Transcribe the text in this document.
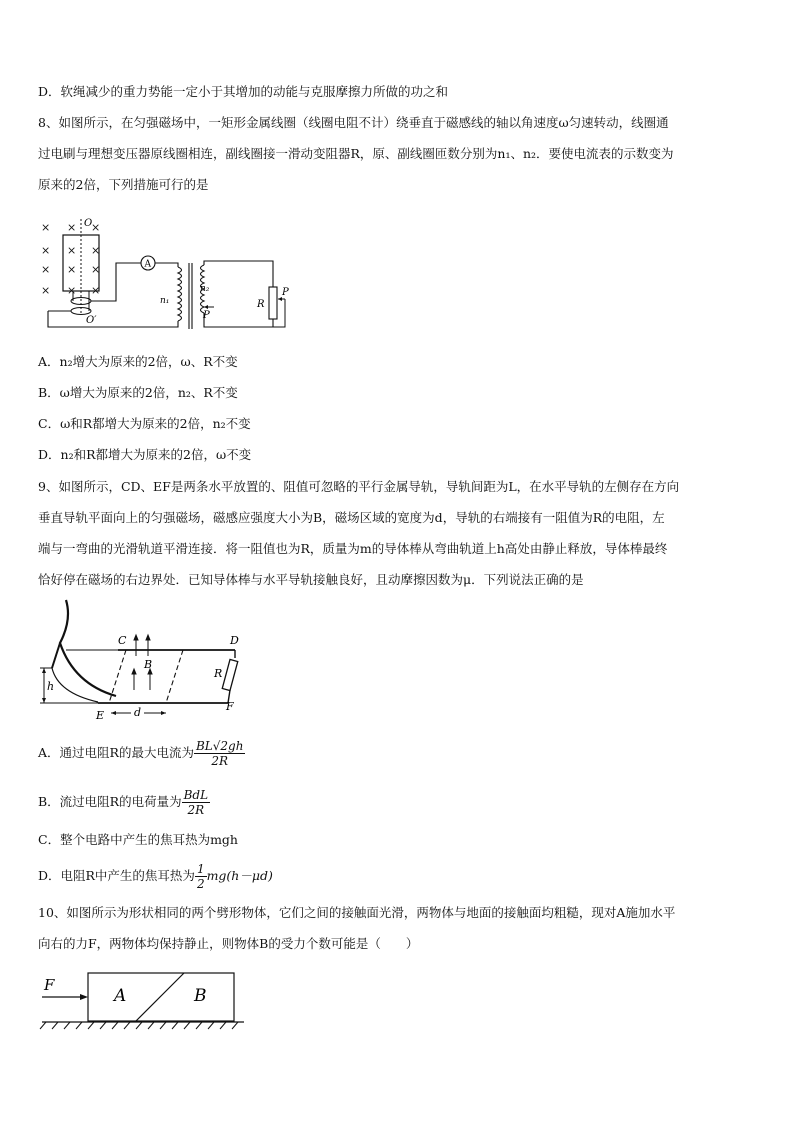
D．软绳减少的重力势能一定小于其增加的动能与克服摩擦力所做的功之和
8、如图所示，在匀强磁场中，一矩形金属线圈（线圈电阻不计）绕垂直于磁感线的轴以角速度ω匀速转动，线圈通
过电刷与理想变压器原线圈相连，副线圈接一滑动变阻器R，原、副线圈匝数分别为n₁、n₂．要使电流表的示数变为
原来的2倍，下列措施可行的是
×
×
×
×
×
×
×
×
×
×
×
×
O
O′
A
n₁
n₂
P
R
P
A．n₂增大为原来的2倍，ω、R不变
B．ω增大为原来的2倍，n₂、R不变
C．ω和R都增大为原来的2倍，n₂不变
D．n₂和R都增大为原来的2倍，ω不变
9、如图所示，CD、EF是两条水平放置的、阻值可忽略的平行金属导轨，导轨间距为L，在水平导轨的左侧存在方向
垂直导轨平面向上的匀强磁场，磁感应强度大小为B，磁场区域的宽度为d，导轨的右端接有一阻值为R的电阻，左
端与一弯曲的光滑轨道平滑连接．将一阻值也为R，质量为m的导体棒从弯曲轨道上h高处由静止释放，导体棒最终
恰好停在磁场的右边界处．已知导体棒与水平导轨接触良好，且动摩擦因数为μ．下列说法正确的是
R
C	D
B
E
F
d
h
A．通过电阻R的最大电流为 $\frac{BL√2gh}{2R}$
B．流过电阻R的电荷量为 $\frac{\text{BdL}}{2R}$
C．整个电路中产生的焦耳热为mgh
D．电阻R中产生的焦耳热为 $\frac{1}{2} mg(h-\mu d)$
10、如图所示为形状相同的两个劈形物体，它们之间的接触面光滑，两物体与地面的接触面均粗糙，现对A施加水平
向右的力F，两物体均保持静止，则物体B的受力个数可能是（　　）
A	B
F
